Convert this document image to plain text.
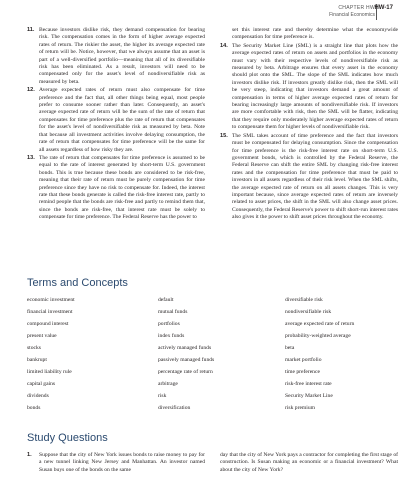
CHAPTER HW
Financial Economics
HW-17
11. Because investors dislike risk, they demand compensation for bearing risk. The compensation comes in the form of higher average expected rates of return. The riskier the asset, the higher its average expected rate of return will be. Notice, however, that we always assume that an asset is part of a well-diversified portfolio—meaning that all of its diversifiable risk has been eliminated. As a result, investors will need to be compensated only for the asset's level of nondiversifiable risk as measured by beta.
12. Average expected rates of return must also compensate for time preference and the fact that, all other things being equal, most people prefer to consume sooner rather than later. Consequently, an asset's average expected rate of return will be the sum of the rate of return that compensates for time preference plus the rate of return that compensates for the asset's level of nondiversifiable risk as measured by beta. Note that because all investment activities involve delaying consumption, the rate of return that compensates for time preference will be the same for all assets regardless of how risky they are.
13. The rate of return that compensates for time preference is assumed to be equal to the rate of interest generated by short-term U.S. government bonds. This is true because these bonds are considered to be risk-free, meaning that their rate of return must be purely compensation for time preference since they have no risk to compensate for. Indeed, the interest rate that these bonds generate is called the risk-free interest rate, partly to remind people that the bonds are risk-free and partly to remind them that, since the bonds are risk-free, that interest rate must be solely to compensate for time preference. The Federal Reserve has the power to
set this interest rate and thereby determine what the economywide compensation for time preference is.
14. The Security Market Line (SML) is a straight line that plots how the average expected rates of return on assets and portfolios in the economy must vary with their respective levels of nondiversifiable risk as measured by beta. Arbitrage ensures that every asset in the economy should plot onto the SML. The slope of the SML indicates how much investors dislike risk. If investors greatly dislike risk, then the SML will be very steep, indicating that investors demand a great amount of compensation in terms of higher average expected rates of return for bearing increasingly large amounts of nondiversifiable risk. If investors are more comfortable with risk, then the SML will be flatter, indicating that they require only moderately higher average expected rates of return to compensate them for higher levels of nondiversifiable risk.
15. The SML takes account of time preference and the fact that investors must be compensated for delaying consumption. Since the compensation for time preference is the risk-free interest rate on short-term U.S. government bonds, which is controlled by the Federal Reserve, the Federal Reserve can shift the entire SML by changing risk-free interest rates and the compensation for time preference that must be paid to investors in all assets regardless of their risk level. When the SML shifts, the average expected rate of return on all assets changes. This is very important because, since average expected rates of return are inversely related to asset prices, the shift in the SML will also change asset prices. Consequently, the Federal Reserve's power to shift short-run interest rates also gives it the power to shift asset prices throughout the economy.
Terms and Concepts
economic investment	default	diversifiable risk
financial investment	mutual funds	nondiversifiable risk
compound interest	portfolios	average expected rate of return
present value	index funds	probability-weighted average
stocks	actively managed funds	beta
bankrupt	passively managed funds	market portfolio
limited liability rule	percentage rate of return	time preference
capital gains	arbitrage	risk-free interest rate
dividends	risk	Security Market Line
bonds	diversification	risk premium
Study Questions
1. Suppose that the city of New York issues bonds to raise money to pay for a new tunnel linking New Jersey and Manhattan. An investor named Susan buys one of the bonds on the same
day that the city of New York pays a contractor for completing the first stage of construction. Is Susan making an economic or a financial investment? What about the city of New York?
